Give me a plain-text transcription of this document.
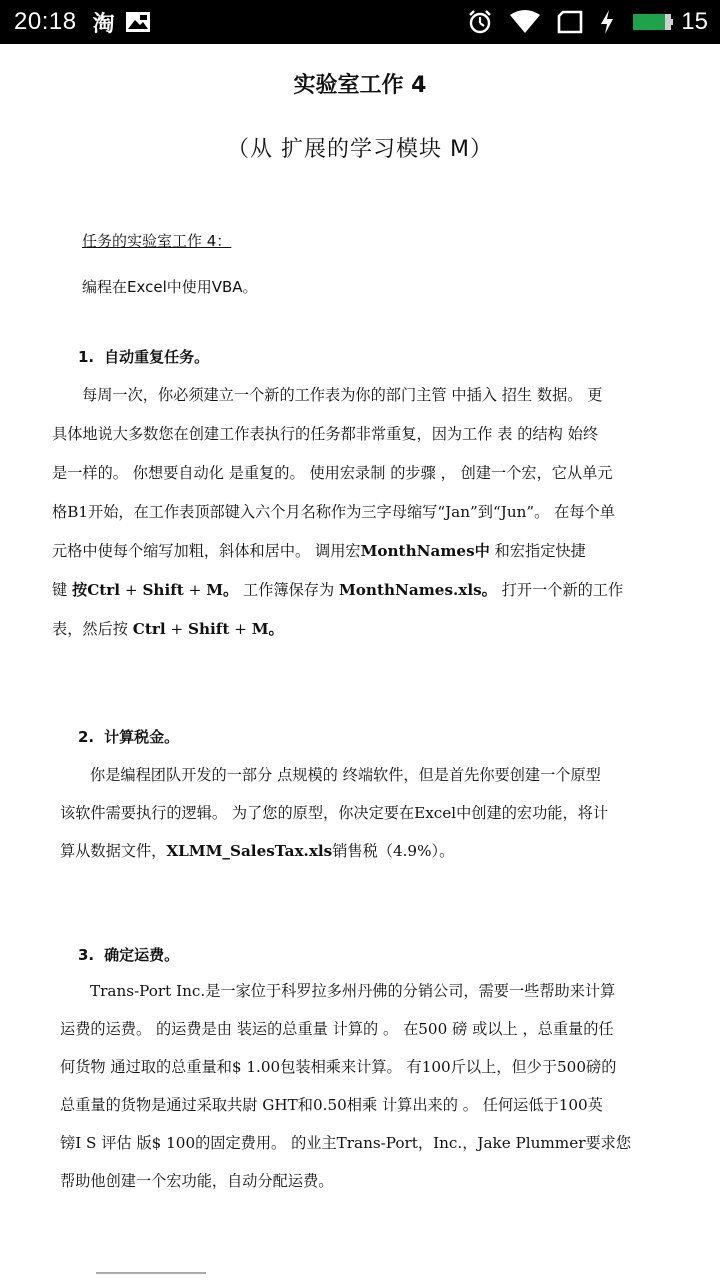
20:18 淘	15
实验室工作 4
（从 扩展的学习模块 M）
任务的实验室工作 4：
编程在Excel中使用VBA。
1. 自动重复任务。
每周一次，你必须建立一个新的工作表为你的部门主管 中插入 招生 数据。 更
具体地说大多数您在创建工作表执行的任务都非常重复，因为工作 表 的结构 始终
是一样的。 你想要自动化 是重复的。 使用宏录制 的步骤 ， 创建一个宏，它从单元
格B1开始，在工作表顶部键入六个月名称作为三字母缩写“Jan”到“Jun”。 在每个单
元格中使每个缩写加粗，斜体和居中。 调用宏MonthNames中 和宏指定快捷
键 按Ctrl + Shift + M。 工作簿保存为 MonthNames.xls。 打开一个新的工作
表，然后按 Ctrl + Shift + M。
2. 计算税金。
你是编程团队开发的一部分 点规模的 终端软件，但是首先你要创建一个原型
该软件需要执行的逻辑。 为了您的原型，你决定要在Excel中创建的宏功能，将计
算从数据文件，XLMM_SalesTax.xls销售税（4.9%）。
3. 确定运费。
Trans-Port Inc.是一家位于科罗拉多州丹佛的分销公司，需要一些帮助来计算
运费的运费。 的运费是由 装运的总重量 计算的 。 在500 磅 或以上 ，总重量的任
何货物 通过取的总重量和$ 1.00包装相乘来计算。 有100斤以上，但少于500磅的
总重量的货物是通过采取共尉 GHT和0.50相乘 计算出来的 。 任何运低于100英
镑I S 评估 版$ 100的固定费用。 的业主Trans-Port，Inc.，Jake Plummer要求您
帮助他创建一个宏功能，自动分配运费。
